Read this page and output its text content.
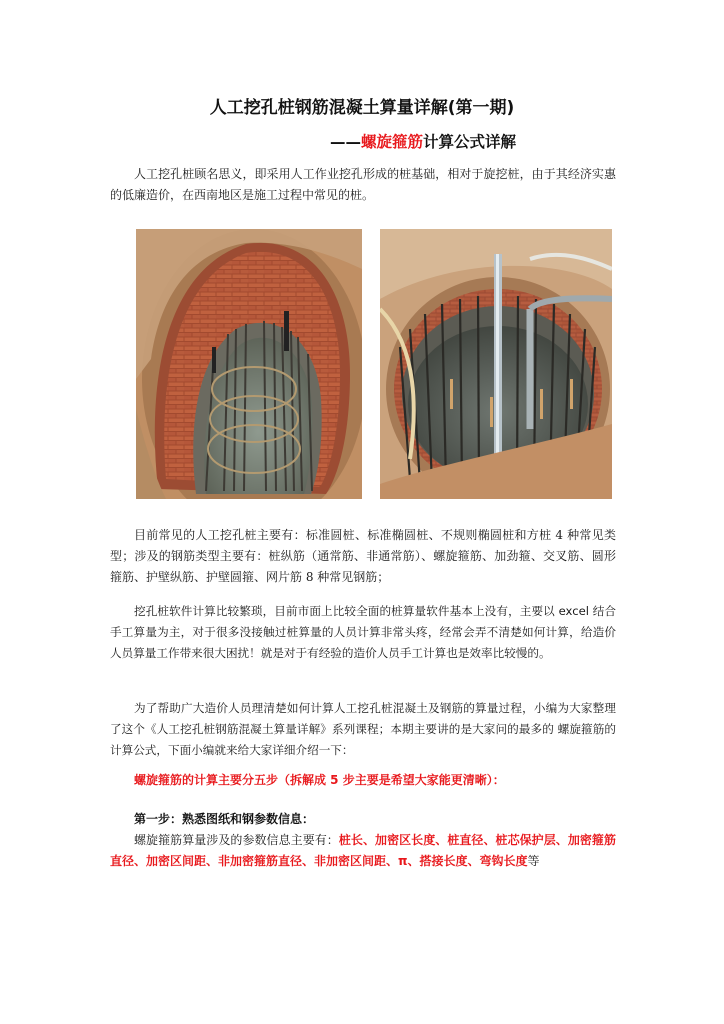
人工挖孔桩钢筋混凝土算量详解(第一期)
——螺旋箍筋计算公式详解

人工挖孔桩顾名思义，即采用人工作业挖孔形成的桩基础，相对于旋挖桩，由于其经济实惠的低廉造价，在西南地区是施工过程中常见的桩。

目前常见的人工挖孔桩主要有：标准圆桩、标准椭圆桩、不规则椭圆桩和方桩 4 种常见类型；涉及的钢筋类型主要有：桩纵筋（通常筋、非通常筋）、螺旋箍筋、加劲箍、交叉筋、圆形箍筋、护壁纵筋、护壁圆箍、网片筋 8 种常见钢筋；

挖孔桩软件计算比较繁琐，目前市面上比较全面的桩算量软件基本上没有，主要以 excel 结合手工算量为主，对于很多没接触过桩算量的人员计算非常头疼，经常会弄不清楚如何计算，给造价人员算量工作带来很大困扰！就是对于有经验的造价人员手工计算也是效率比较慢的。

为了帮助广大造价人员理清楚如何计算人工挖孔桩混凝土及钢筋的算量过程，小编为大家整理了这个《人工挖孔桩钢筋混凝土算量详解》系列课程；本期主要讲的是大家问的最多的 螺旋箍筋的计算公式，下面小编就来给大家详细介绍一下：

螺旋箍筋的计算主要分五步（拆解成 5 步主要是希望大家能更清晰）：
第一步：熟悉图纸和钢参数信息：

螺旋箍筋算量涉及的参数信息主要有：桩长、加密区长度、桩直径、桩芯保护层、加密箍筋直径、加密区间距、非加密箍筋直径、非加密区间距、π、搭接长度、弯钩长度等
